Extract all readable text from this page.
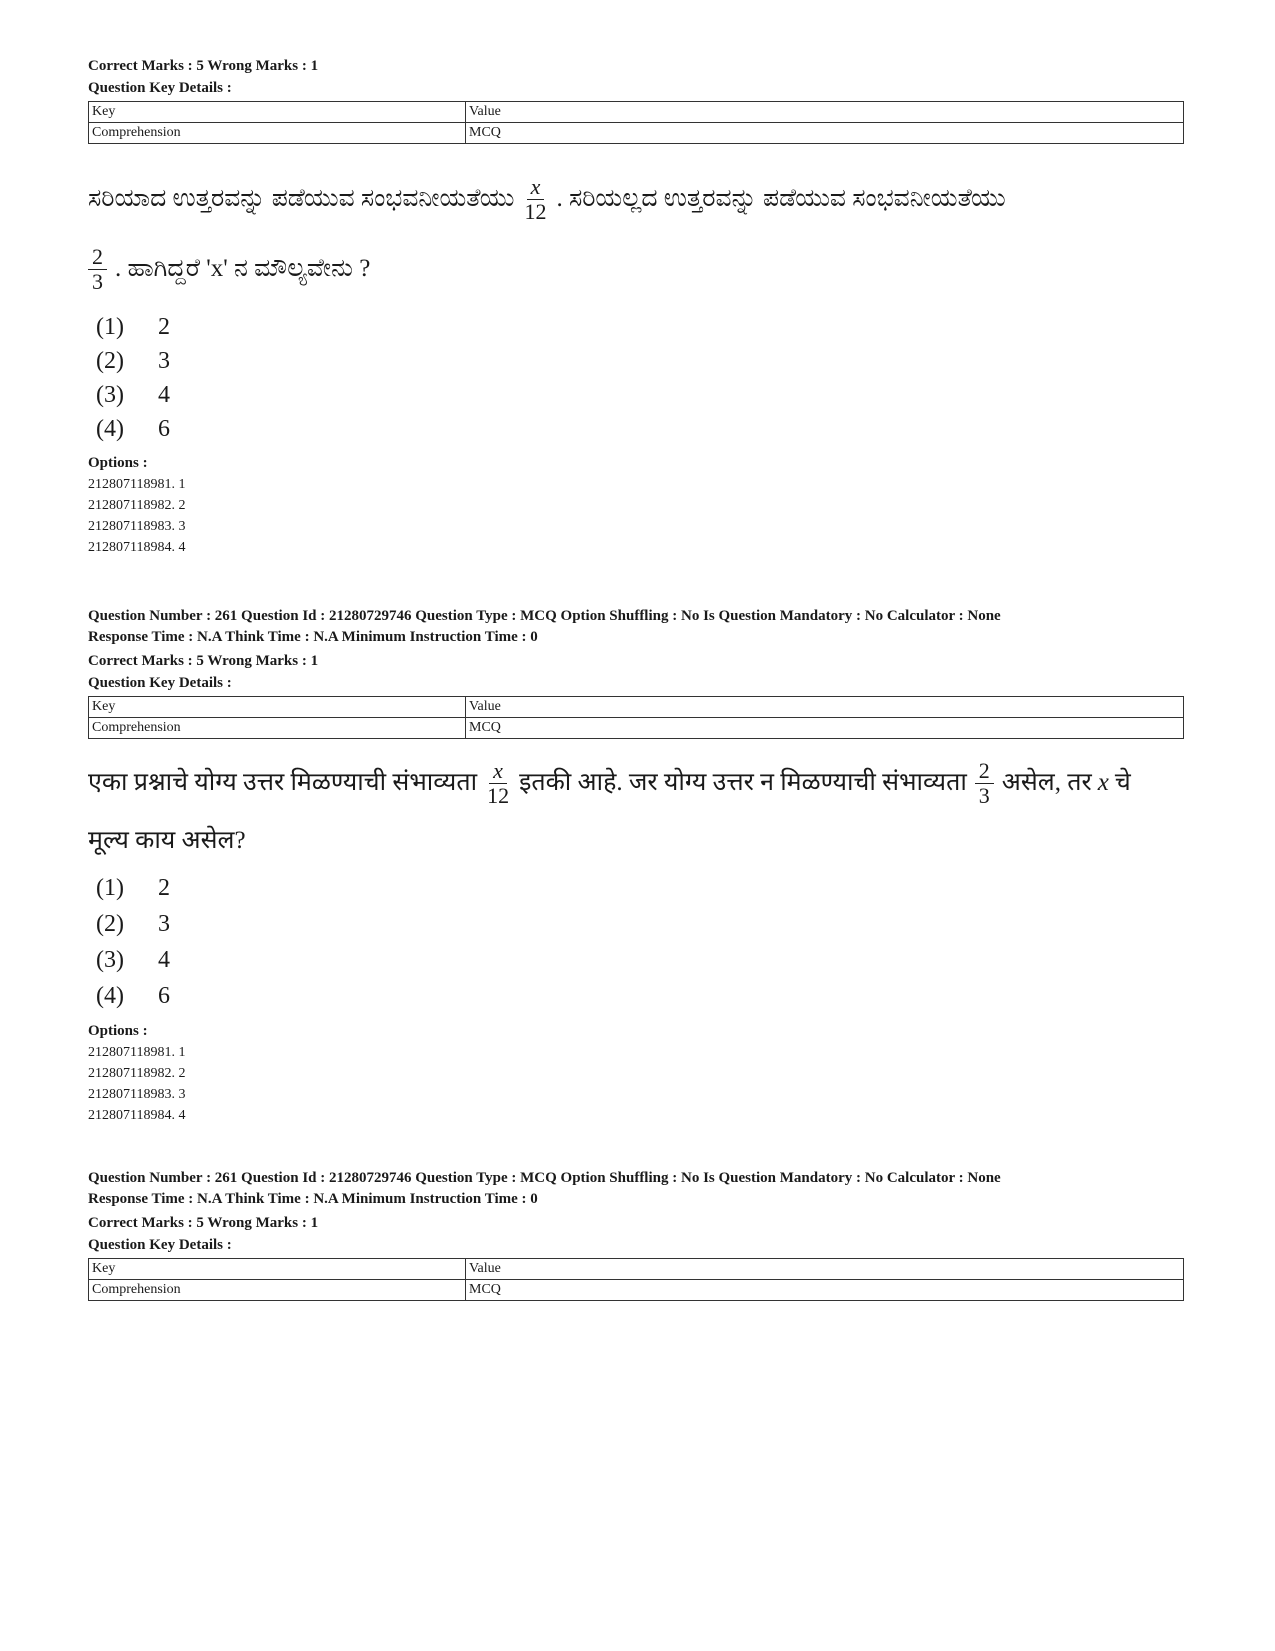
Correct Marks : 5 Wrong Marks : 1
Question Key Details :
Key	Value
Comprehension	MCQ
ಸರಿಯಾದ ಉತ್ತರವನ್ನು ಪಡೆಯುವ ಸಂಭವನೀಯತೆಯು $\frac{x}{12}$ . ಸರಿಯಲ್ಲದ ಉತ್ತರವನ್ನು ಪಡೆಯುವ ಸಂಭವನೀಯತೆಯು
$\frac{2}{3}$ . ಹಾಗಿದ್ದರೆ 'x' ನ ಮೌಲ್ಯವೇನು ?
(1)	2
(2)	3
(3)	4
(4)	6
Options :
212807118981. 1
212807118982. 2
212807118983. 3
212807118984. 4
Question Number : 261 Question Id : 21280729746 Question Type : MCQ Option Shuffling : No Is Question Mandatory : No Calculator : None
Response Time : N.A Think Time : N.A Minimum Instruction Time : 0
Correct Marks : 5 Wrong Marks : 1
Question Key Details :
Key	Value
Comprehension	MCQ
एका प्रश्नाचे योग्य उत्तर मिळण्याची संभाव्यता $\frac{x}{12}$ इतकी आहे. जर योग्य उत्तर न मिळण्याची संभाव्यता $\frac{2}{3}$ असेल, तर x चे
मूल्य काय असेल?
(1)	2
(2)	3
(3)	4
(4)	6
Options :
212807118981. 1
212807118982. 2
212807118983. 3
212807118984. 4
Question Number : 261 Question Id : 21280729746 Question Type : MCQ Option Shuffling : No Is Question Mandatory : No Calculator : None
Response Time : N.A Think Time : N.A Minimum Instruction Time : 0
Correct Marks : 5 Wrong Marks : 1
Question Key Details :
Key	Value
Comprehension	MCQ
